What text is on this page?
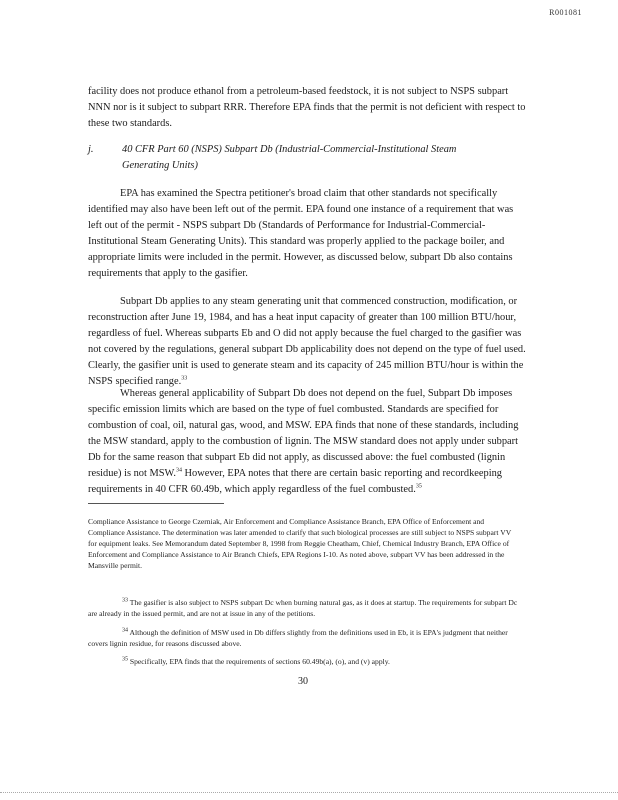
R001081

facility does not produce ethanol from a petroleum-based feedstock, it is not subject to NSPS subpart NNN nor is it subject to subpart RRR. Therefore EPA finds that the permit is not deficient with respect to these two standards.

j.	40 CFR Part 60 (NSPS) Subpart Db (Industrial-Commercial-Institutional Steam Generating Units)

EPA has examined the Spectra petitioner's broad claim that other standards not specifically identified may also have been left out of the permit. EPA found one instance of a requirement that was left out of the permit - NSPS subpart Db (Standards of Performance for Industrial-Commercial-Institutional Steam Generating Units). This standard was properly applied to the package boiler, and appropriate limits were included in the permit. However, as discussed below, subpart Db also contains requirements that apply to the gasifier.

Subpart Db applies to any steam generating unit that commenced construction, modification, or reconstruction after June 19, 1984, and has a heat input capacity of greater than 100 million BTU/hour, regardless of fuel. Whereas subparts Eb and O did not apply because the fuel charged to the gasifier was not covered by the regulations, general subpart Db applicability does not depend on the type of fuel used. Clearly, the gasifier unit is used to generate steam and its capacity of 245 million BTU/hour is within the NSPS specified range.$^{33}$

Whereas general applicability of Subpart Db does not depend on the fuel, Subpart Db imposes specific emission limits which are based on the type of fuel combusted. Standards are specified for combustion of coal, oil, natural gas, wood, and MSW. EPA finds that none of these standards, including the MSW standard, apply to the combustion of lignin. The MSW standard does not apply under subpart Db for the same reason that subpart Eb did not apply, as discussed above: the fuel combusted (lignin residue) is not MSW.$^{34}$ However, EPA notes that there are certain basic reporting and recordkeeping requirements in 40 CFR 60.49b, which apply regardless of the fuel combusted.$^{35}$

Compliance Assistance to George Czerniak, Air Enforcement and Compliance Assistance Branch, EPA Office of Enforcement and Compliance Assistance. The determination was later amended to clarify that such biological processes are still subject to NSPS subpart VV for equipment leaks. See Memorandum dated September 8, 1998 from Reggie Cheatham, Chief, Chemical Industry Branch, EPA Office of Enforcement and Compliance Assistance to Air Branch Chiefs, EPA Regions I-10. As noted above, subpart VV has been addressed in the Mansville permit.

$^{33}$ The gasifier is also subject to NSPS subpart Dc when burning natural gas, as it does at startup. The requirements for subpart Dc are already in the issued permit, and are not at issue in any of the petitions.

$^{34}$ Although the definition of MSW used in Db differs slightly from the definitions used in Eb, it is EPA's judgment that neither covers lignin residue, for reasons discussed above.

$^{35}$ Specifically, EPA finds that the requirements of sections 60.49b(a), (o), and (v) apply.

30
